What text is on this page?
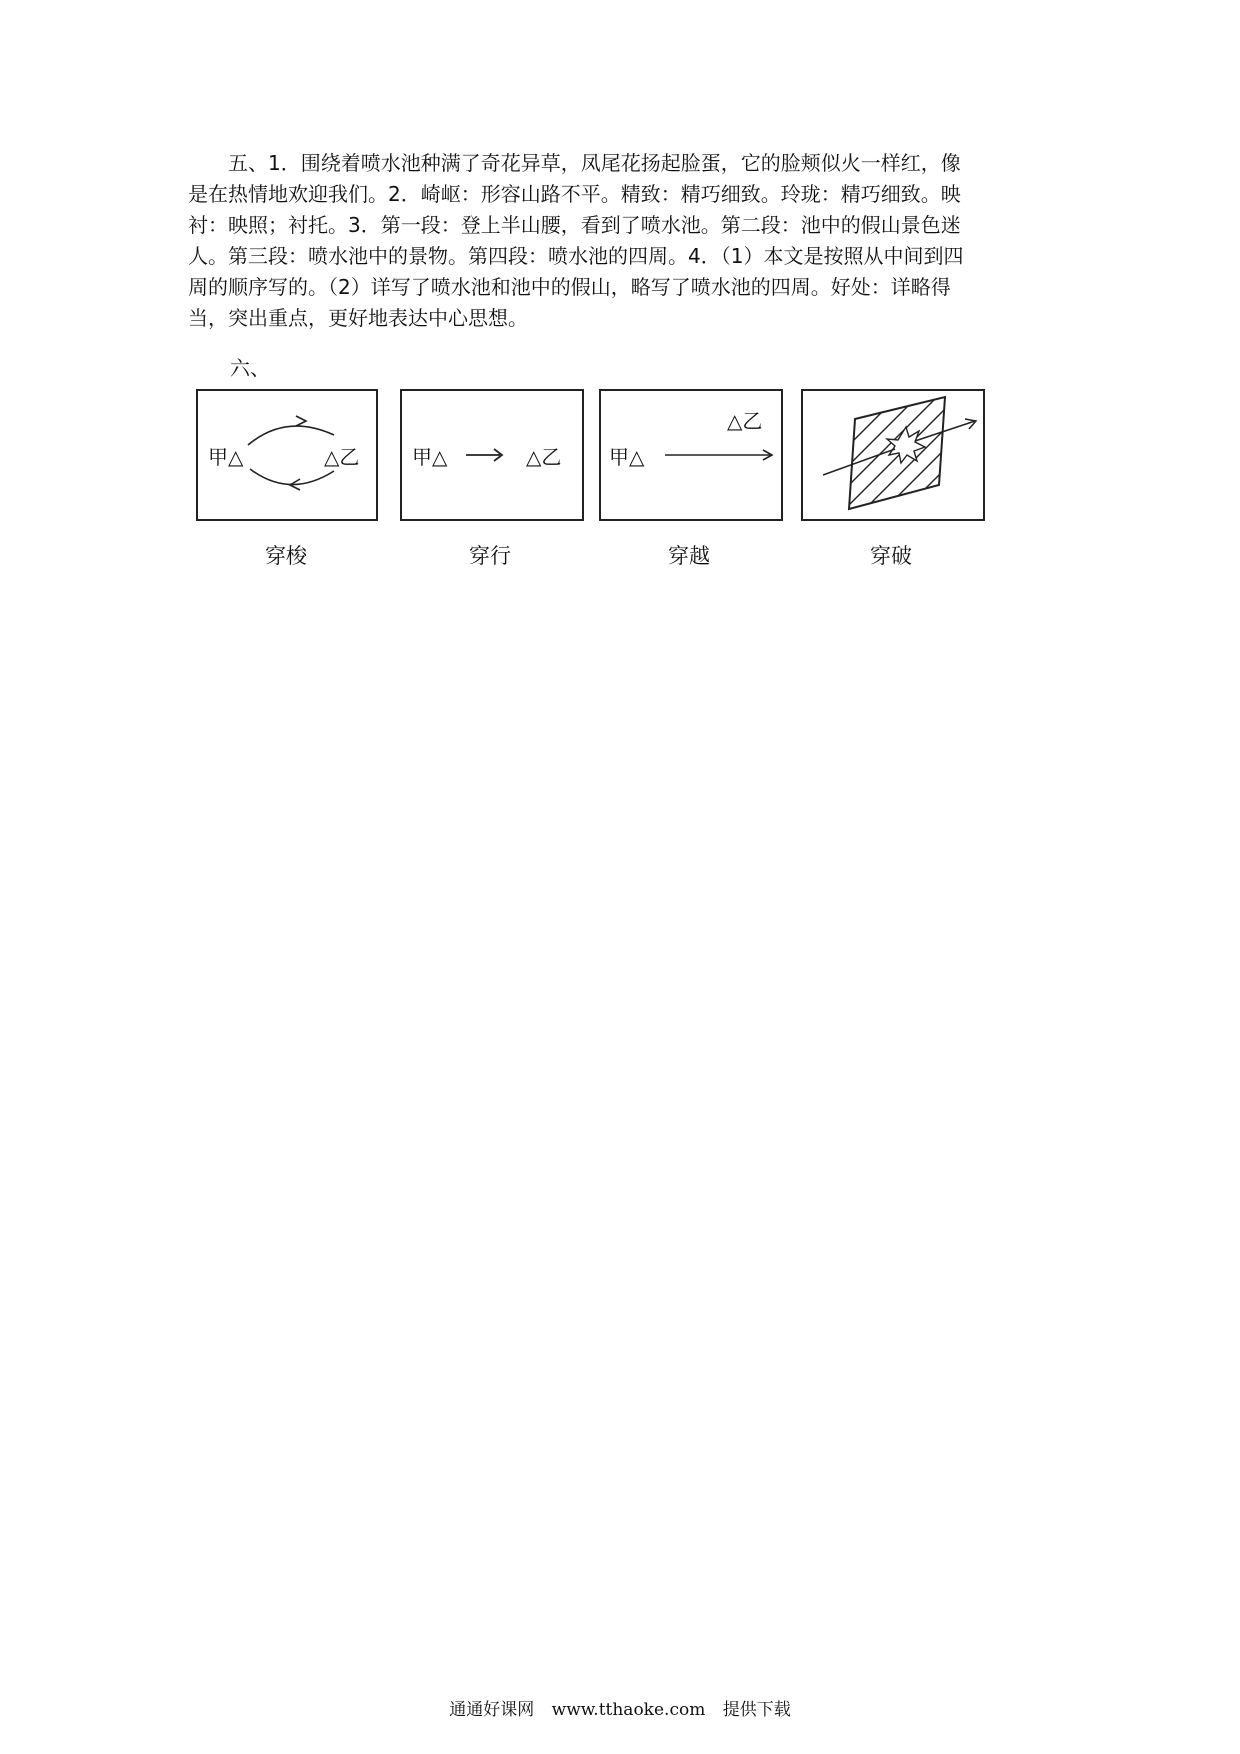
五、1．围绕着喷水池种满了奇花异草，凤尾花扬起脸蛋，它的脸颊似火一样红，像
是在热情地欢迎我们。2．崎岖：形容山路不平。精致：精巧细致。玲珑：精巧细致。映
衬：映照；衬托。3．第一段：登上半山腰，看到了喷水池。第二段：池中的假山景色迷
人。第三段：喷水池中的景物。第四段：喷水池的四周。4．（1）本文是按照从中间到四
周的顺序写的。（2）详写了喷水池和池中的假山，略写了喷水池的四周。好处：详略得
当，突出重点，更好地表达中心思想。
六、
甲△	△乙	甲△	△乙 甲△
△乙
穿梭	穿行	穿越	穿破
通通好课网 www.tthaoke.com 提供下载
